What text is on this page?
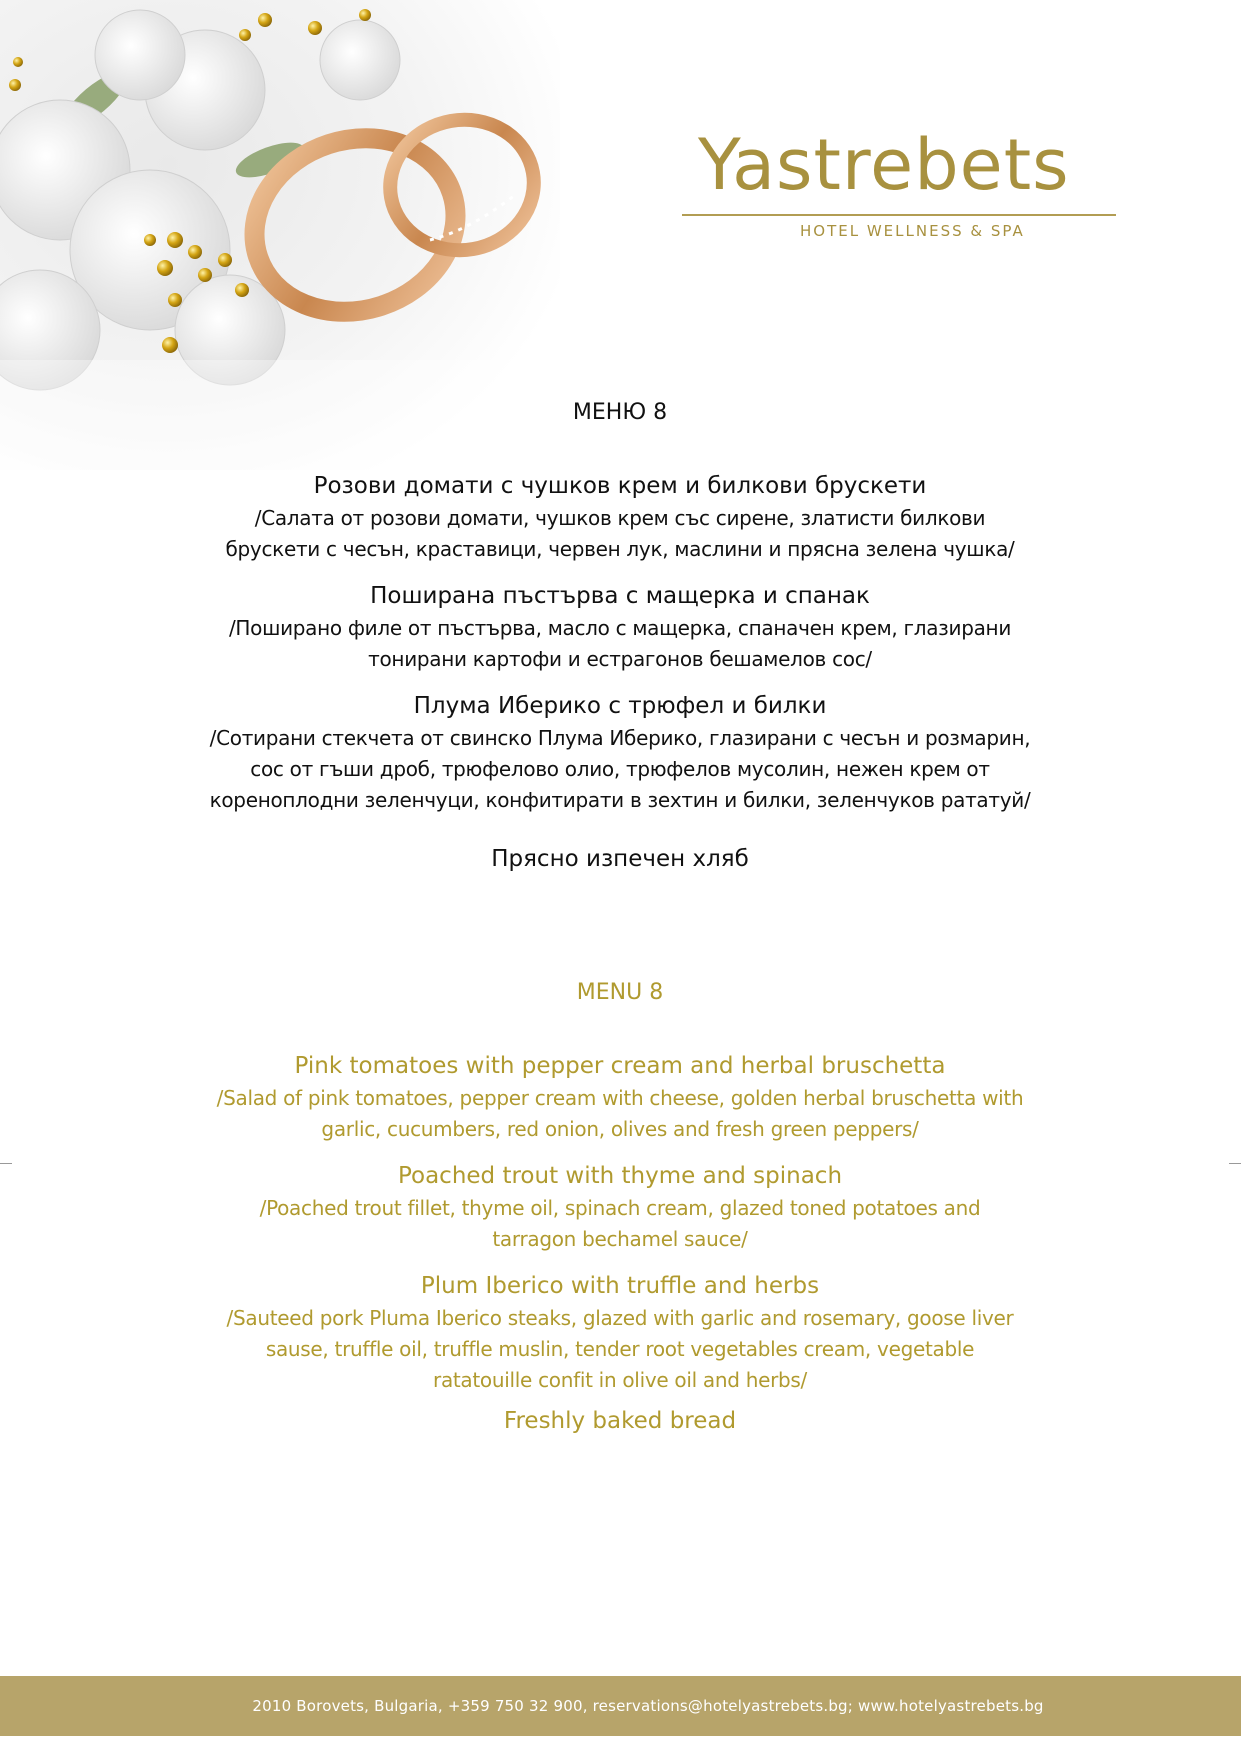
Yastrebets
HOTEL WELLNESS & SPA
МЕНЮ 8
Розови домати с чушков крем и билкови брускети
/Салата от розови домати, чушков крем със сирене, златисти билкови
брускети с чесън, краставици, червен лук, маслини и прясна зелена чушка/
Поширана пъстърва с мащерка и спанак
/Поширано филе от пъстърва, масло с мащерка, спаначен крем, глазирани
тонирани картофи и естрагонов бешамелов сос/
Плума Иберико с трюфел и билки
/Сотирани стекчета от свинско Плума Иберико, глазирани с чесън и розмарин,
сос от гъши дроб, трюфелово олио, трюфелов мусолин, нежен крем от
коренoплодни зеленчуци, конфитирати в зехтин и билки, зеленчуков ратaтуй/
Прясно изпечен хляб
MENU 8
Pink tomatoes with pepper cream and herbal bruschetta
/Salad of pink tomatoes, pepper cream with cheese, golden herbal bruschetta with
garlic, cucumbers, red onion, olives and fresh green peppers/
Poached trout with thyme and spinach
/Poached trout fillet, thyme oil, spinach cream, glazed toned potatoes and
tarragon bechamel sauce/
Plum Iberico with truffle and herbs
/Sauteed pork Pluma Iberico steaks, glazed with garlic and rosemary, goose liver
sause, truffle oil, truffle muslin, tender root vegetables cream, vegetable
ratatouille confit in olive oil and herbs/
Freshly baked bread
2010 Borovets, Bulgaria, +359 750 32 900, reservations@hotelyastrebets.bg; www.hotelyastrebets.bg
